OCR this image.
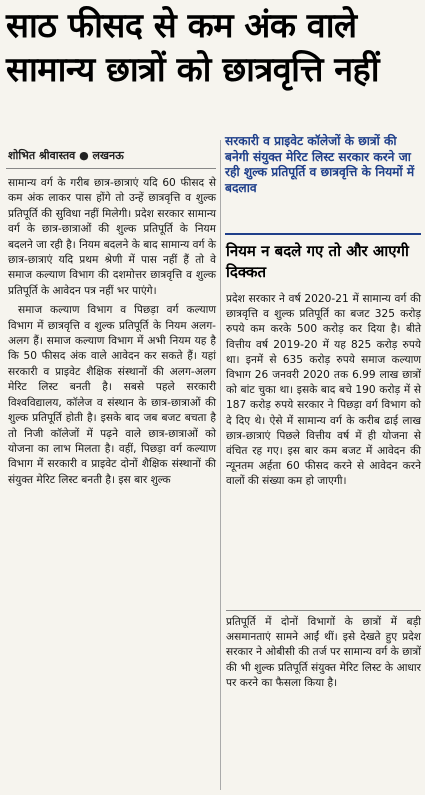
साठ फीसद से कम अंक वाले
सामान्य छात्रों को छात्रवृत्ति नहीं
शोभित श्रीवास्तव ● लखनऊ

सामान्य वर्ग के गरीब छात्र-छात्राएं यदि 60 फीसद से कम अंक लाकर पास होंगे तो उन्हें छात्रवृत्ति व शुल्क प्रतिपूर्ति की सुविधा नहीं मिलेगी। प्रदेश सरकार सामान्य वर्ग के छात्र-छात्राओं की शुल्क प्रतिपूर्ति के नियम बदलने जा रही है। नियम बदलने के बाद सामान्य वर्ग के छात्र-छात्राएं यदि प्रथम श्रेणी में पास नहीं हैं तो वे समाज कल्याण विभाग की दशमोत्तर छात्रवृत्ति व शुल्क प्रतिपूर्ति के आवेदन पत्र नहीं भर पाएंगे।

समाज कल्याण विभाग व पिछड़ा वर्ग कल्याण विभाग में छात्रवृत्ति व शुल्क प्रतिपूर्ति के नियम अलग-अलग हैं। समाज कल्याण विभाग में अभी नियम यह है कि 50 फीसद अंक वाले आवेदन कर सकते हैं। यहां सरकारी व प्राइवेट शैक्षिक संस्थानों की अलग-अलग मेरिट लिस्ट बनती है। सबसे पहले सरकारी विश्वविद्यालय, कॉलेज व संस्थान के छात्र-छात्राओं की शुल्क प्रतिपूर्ति होती है। इसके बाद जब बजट बचता है तो निजी कॉलेजों में पढ़ने वाले छात्र-छात्राओं को योजना का लाभ मिलता है। वहीं, पिछड़ा वर्ग कल्याण विभाग में सरकारी व प्राइवेट दोनों शैक्षिक संस्थानों की संयुक्त मेरिट लिस्ट बनती है। इस बार शुल्क

सरकारी व प्राइवेट कॉलेजों के छात्रों की बनेगी संयुक्त मेरिट लिस्ट सरकार करने जा रही शुल्क प्रतिपूर्ति व छात्रवृत्ति के नियमों में बदलाव
नियम न बदले गए तो और आएगी दिक्कत

प्रदेश सरकार ने वर्ष 2020-21 में सामान्य वर्ग की छात्रवृत्ति व शुल्क प्रतिपूर्ति का बजट 325 करोड़ रुपये कम करके 500 करोड़ कर दिया है। बीते वित्तीय वर्ष 2019-20 में यह 825 करोड़ रुपये था। इनमें से 635 करोड़ रुपये समाज कल्याण विभाग 26 जनवरी 2020 तक 6.99 लाख छात्रों को बांट चुका था। इसके बाद बचे 190 करोड़ में से 187 करोड़ रुपये सरकार ने पिछड़ा वर्ग विभाग को दे दिए थे। ऐसे में सामान्य वर्ग के करीब ढाई लाख छात्र-छात्राएं पिछले वित्तीय वर्ष में ही योजना से वंचित रह गए। इस बार कम बजट में आवेदन की न्यूनतम अर्हता 60 फीसद करने से आवेदन करने वालों की संख्या कम हो जाएगी।

प्रतिपूर्ति में दोनों विभागों के छात्रों में बड़ी असमानताएं सामने आईं थीं। इसे देखते हुए प्रदेश सरकार ने ओबीसी की तर्ज पर सामान्य वर्ग के छात्रों की भी शुल्क प्रतिपूर्ति संयुक्त मेरिट लिस्ट के आधार पर करने का फैसला किया है।
